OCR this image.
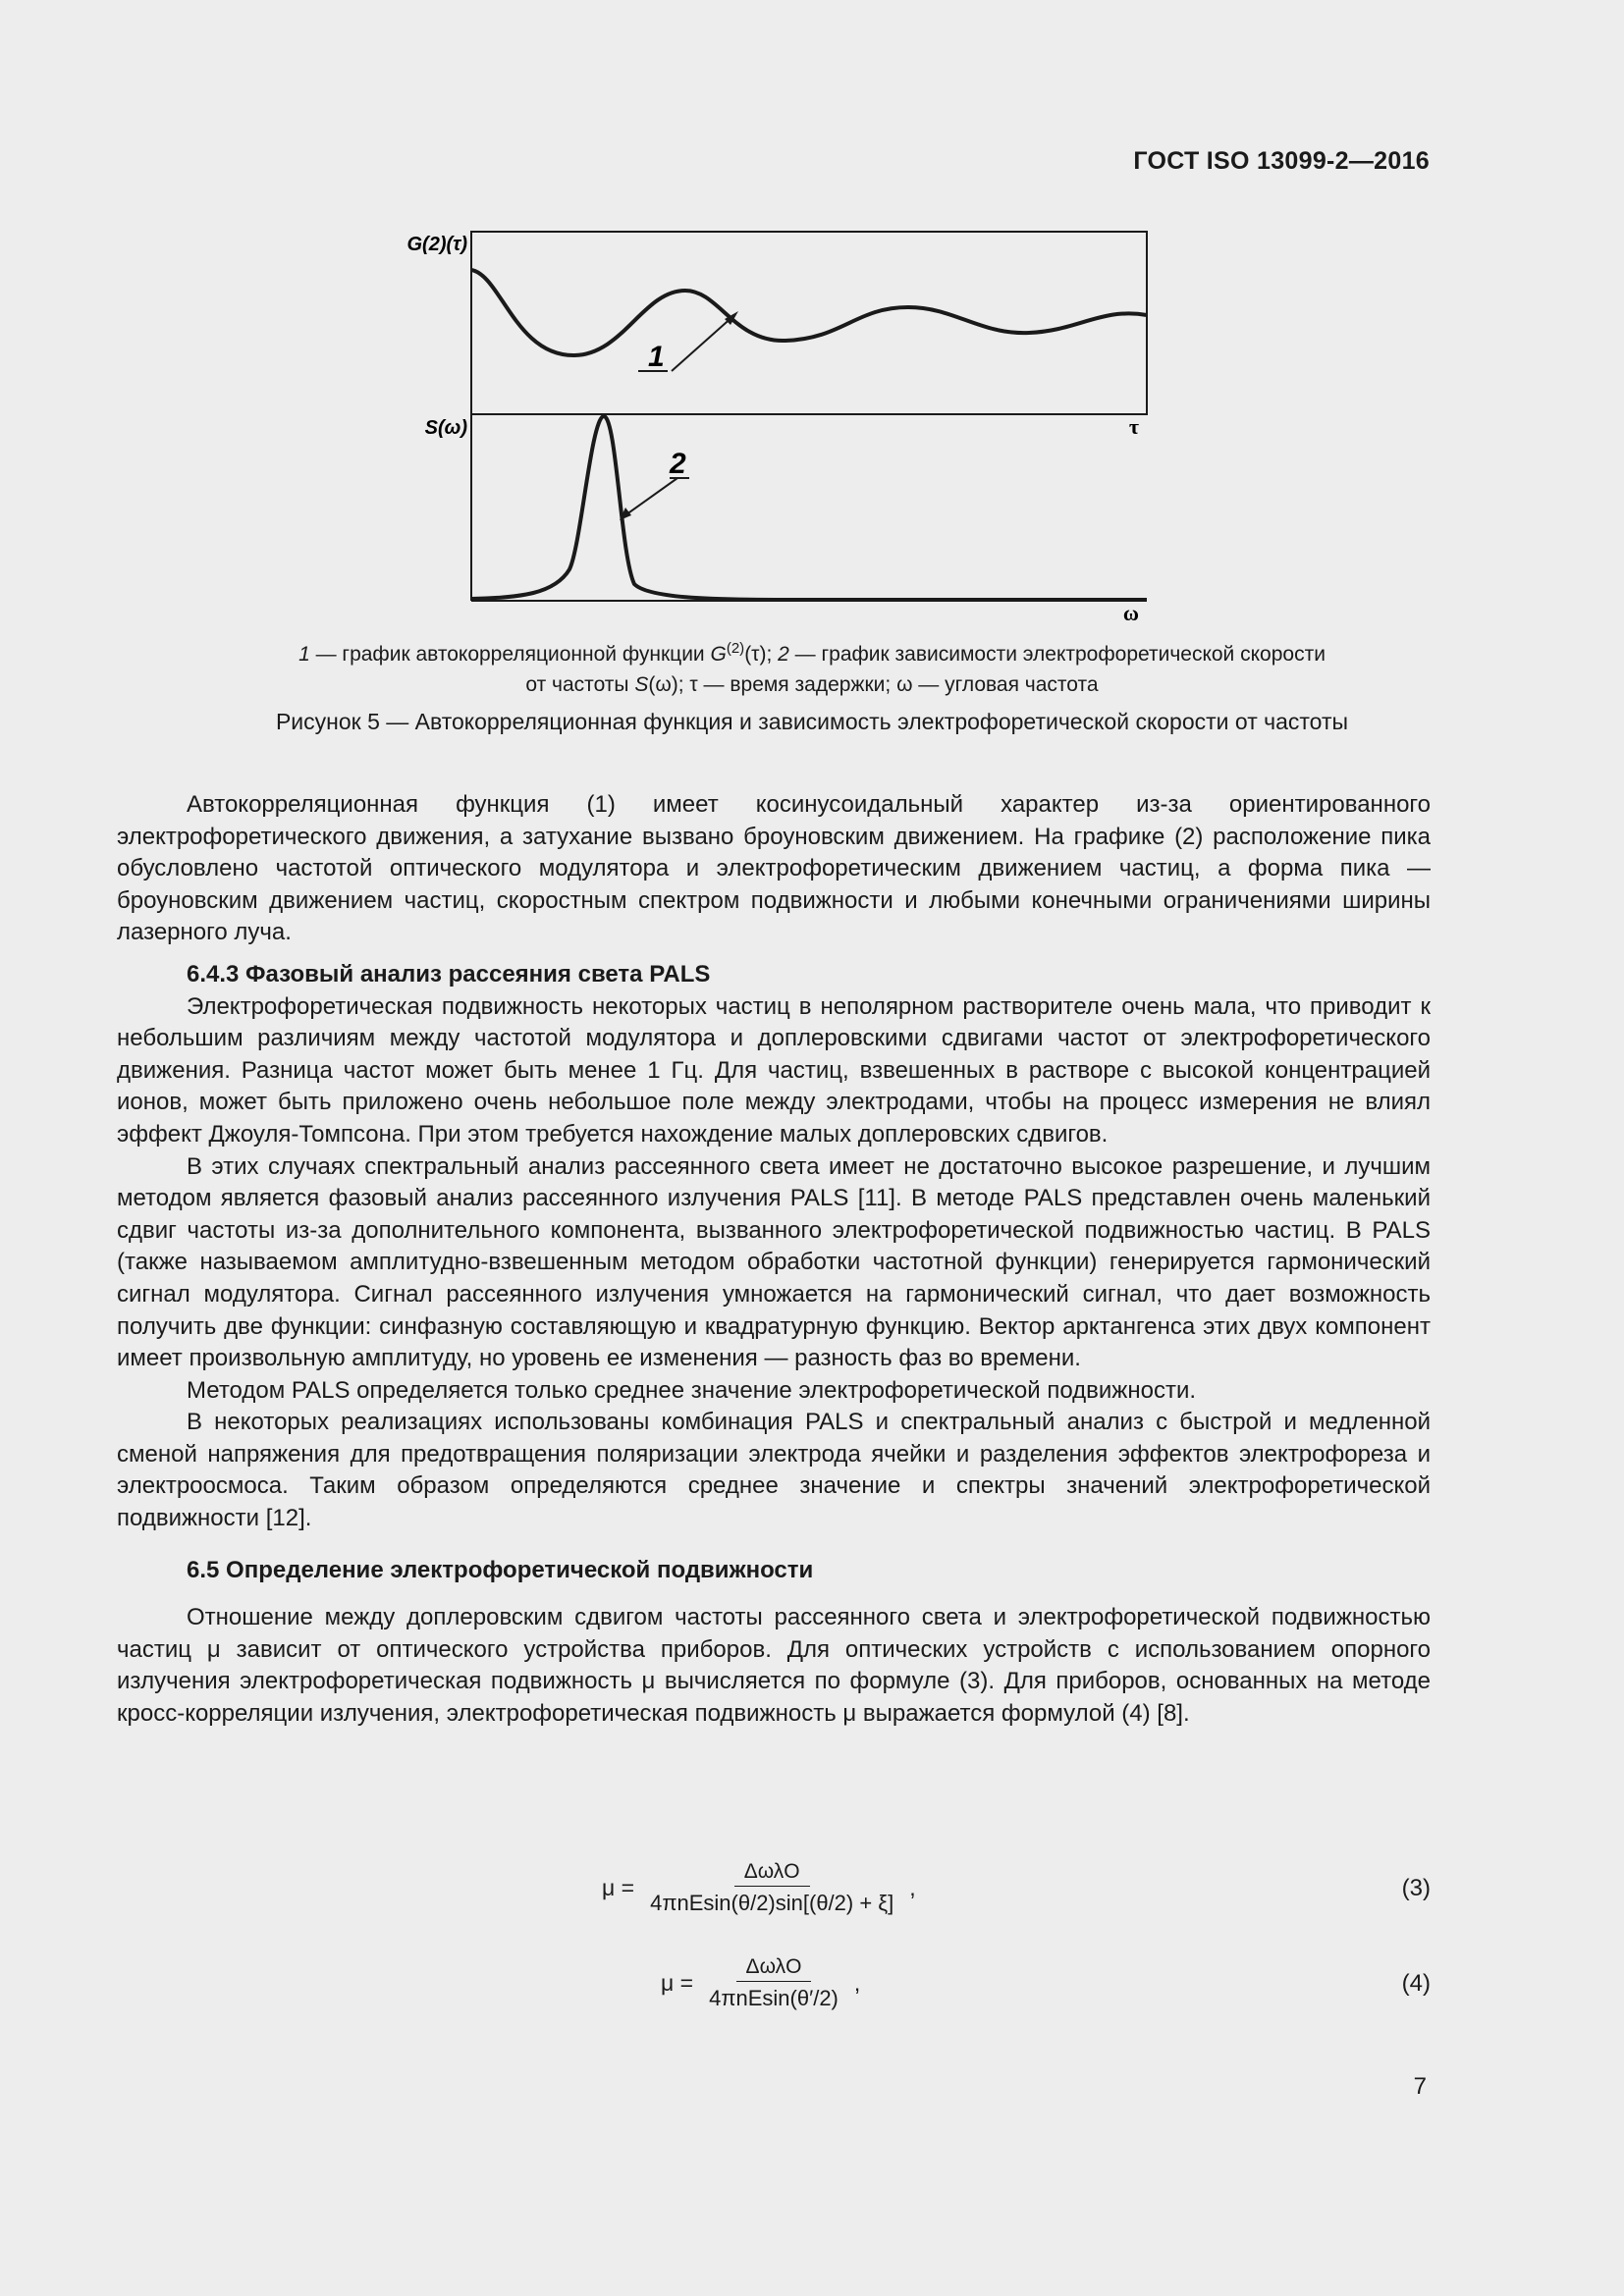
ГОСТ ISO 13099-2—2016
G(2)(τ)
S(ω)	τ
ω
1
2
1 — график автокорреляционной функции $G^{(2)}(\tau)$; 2 — график зависимости электрофоретической скорости
от частоты S(ω); τ — время задержки; ω — угловая частота
Рисунок 5 — Автокорреляционная функция и зависимость электрофоретической скорости от частоты

Автокорреляционная функция (1) имеет косинусоидальный характер из-за ориентированного электрофоретического движения, а затухание вызвано броуновским движением. На графике (2) расположение пика обусловлено частотой оптического модулятора и электрофоретическим движением частиц, а форма пика — броуновским движением частиц, скоростным спектром подвижности и любыми конечными ограничениями ширины лазерного луча.

6.4.3 Фазовый анализ рассеяния света PALS

Электрофоретическая подвижность некоторых частиц в неполярном растворителе очень мала, что приводит к небольшим различиям между частотой модулятора и доплеровскими сдвигами частот от электрофоретического движения. Разница частот может быть менее 1 Гц. Для частиц, взвешенных в растворе с высокой концентрацией ионов, может быть приложено очень небольшое поле между электродами, чтобы на процесс измерения не влиял эффект Джоуля-Томпсона. При этом требуется нахождение малых доплеровских сдвигов.

В этих случаях спектральный анализ рассеянного света имеет не достаточно высокое разрешение, и лучшим методом является фазовый анализ рассеянного излучения PALS [11]. В методе PALS представлен очень маленький сдвиг частоты из-за дополнительного компонента, вызванного электрофоретической подвижностью частиц. В PALS (также называемом амплитудно-взвешенным методом обработки частотной функции) генерируется гармонический сигнал модулятора. Сигнал рассеянного излучения умножается на гармонический сигнал, что дает возможность получить две функции: синфазную составляющую и квадратурную функцию. Вектор арктангенса этих двух компонент имеет произвольную амплитуду, но уровень ее изменения — разность фаз во времени.

Методом PALS определяется только среднее значение электрофоретической подвижности.

В некоторых реализациях использованы комбинация PALS и спектральный анализ с быстрой и медленной сменой напряжения для предотвращения поляризации электрода ячейки и разделения эффектов электрофореза и электроосмоса. Таким образом определяются среднее значение и спектры значений электрофоретической подвижности [12].

6.5 Определение электрофоретической подвижности

Отношение между доплеровским сдвигом частоты рассеянного света и электрофоретической подвижностью частиц μ зависит от оптического устройства приборов. Для оптических устройств с использованием опорного излучения электрофоретическая подвижность μ вычисляется по формуле (3). Для приборов, основанных на методе кросс-корреляции излучения, электрофоретическая подвижность μ выражается формулой (4) [8].

$\mu = \frac{\text{ΔωλO}}{\text{4πnEsin(θ/2)sin[(θ/2) + ξ]}}$ ,	(3)
$\mu = \frac{\text{ΔωλO}}{\text{4πnEsin(θ′/2)}}$ ,	(4)
7
